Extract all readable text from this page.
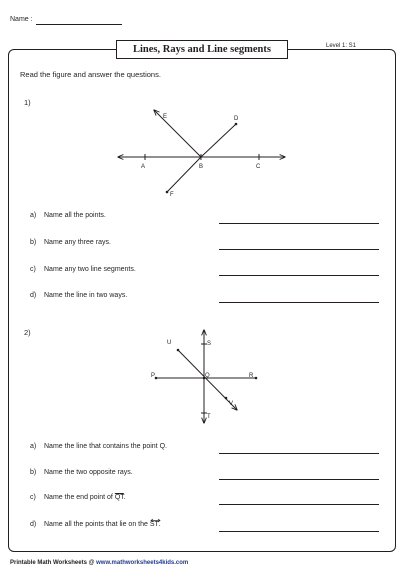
Name :
Lines, Rays and Line segments	Level 1: S1
Read the figure and answer the questions.
1)
A	B	C
D
E
F
S
U
P	Q	R
V
T
a) Name all the points.
b) Name any three rays.
c) Name any two line segments.
d) Name the line in two ways.
2)
a) Name the line that contains the point Q.
b) Name the two opposite rays.
c) Name the end point of $\overline{QT}$.
d) Name all the points that lie on the ST
.
Printable Math Worksheets @ www.mathworksheets4kids.com
